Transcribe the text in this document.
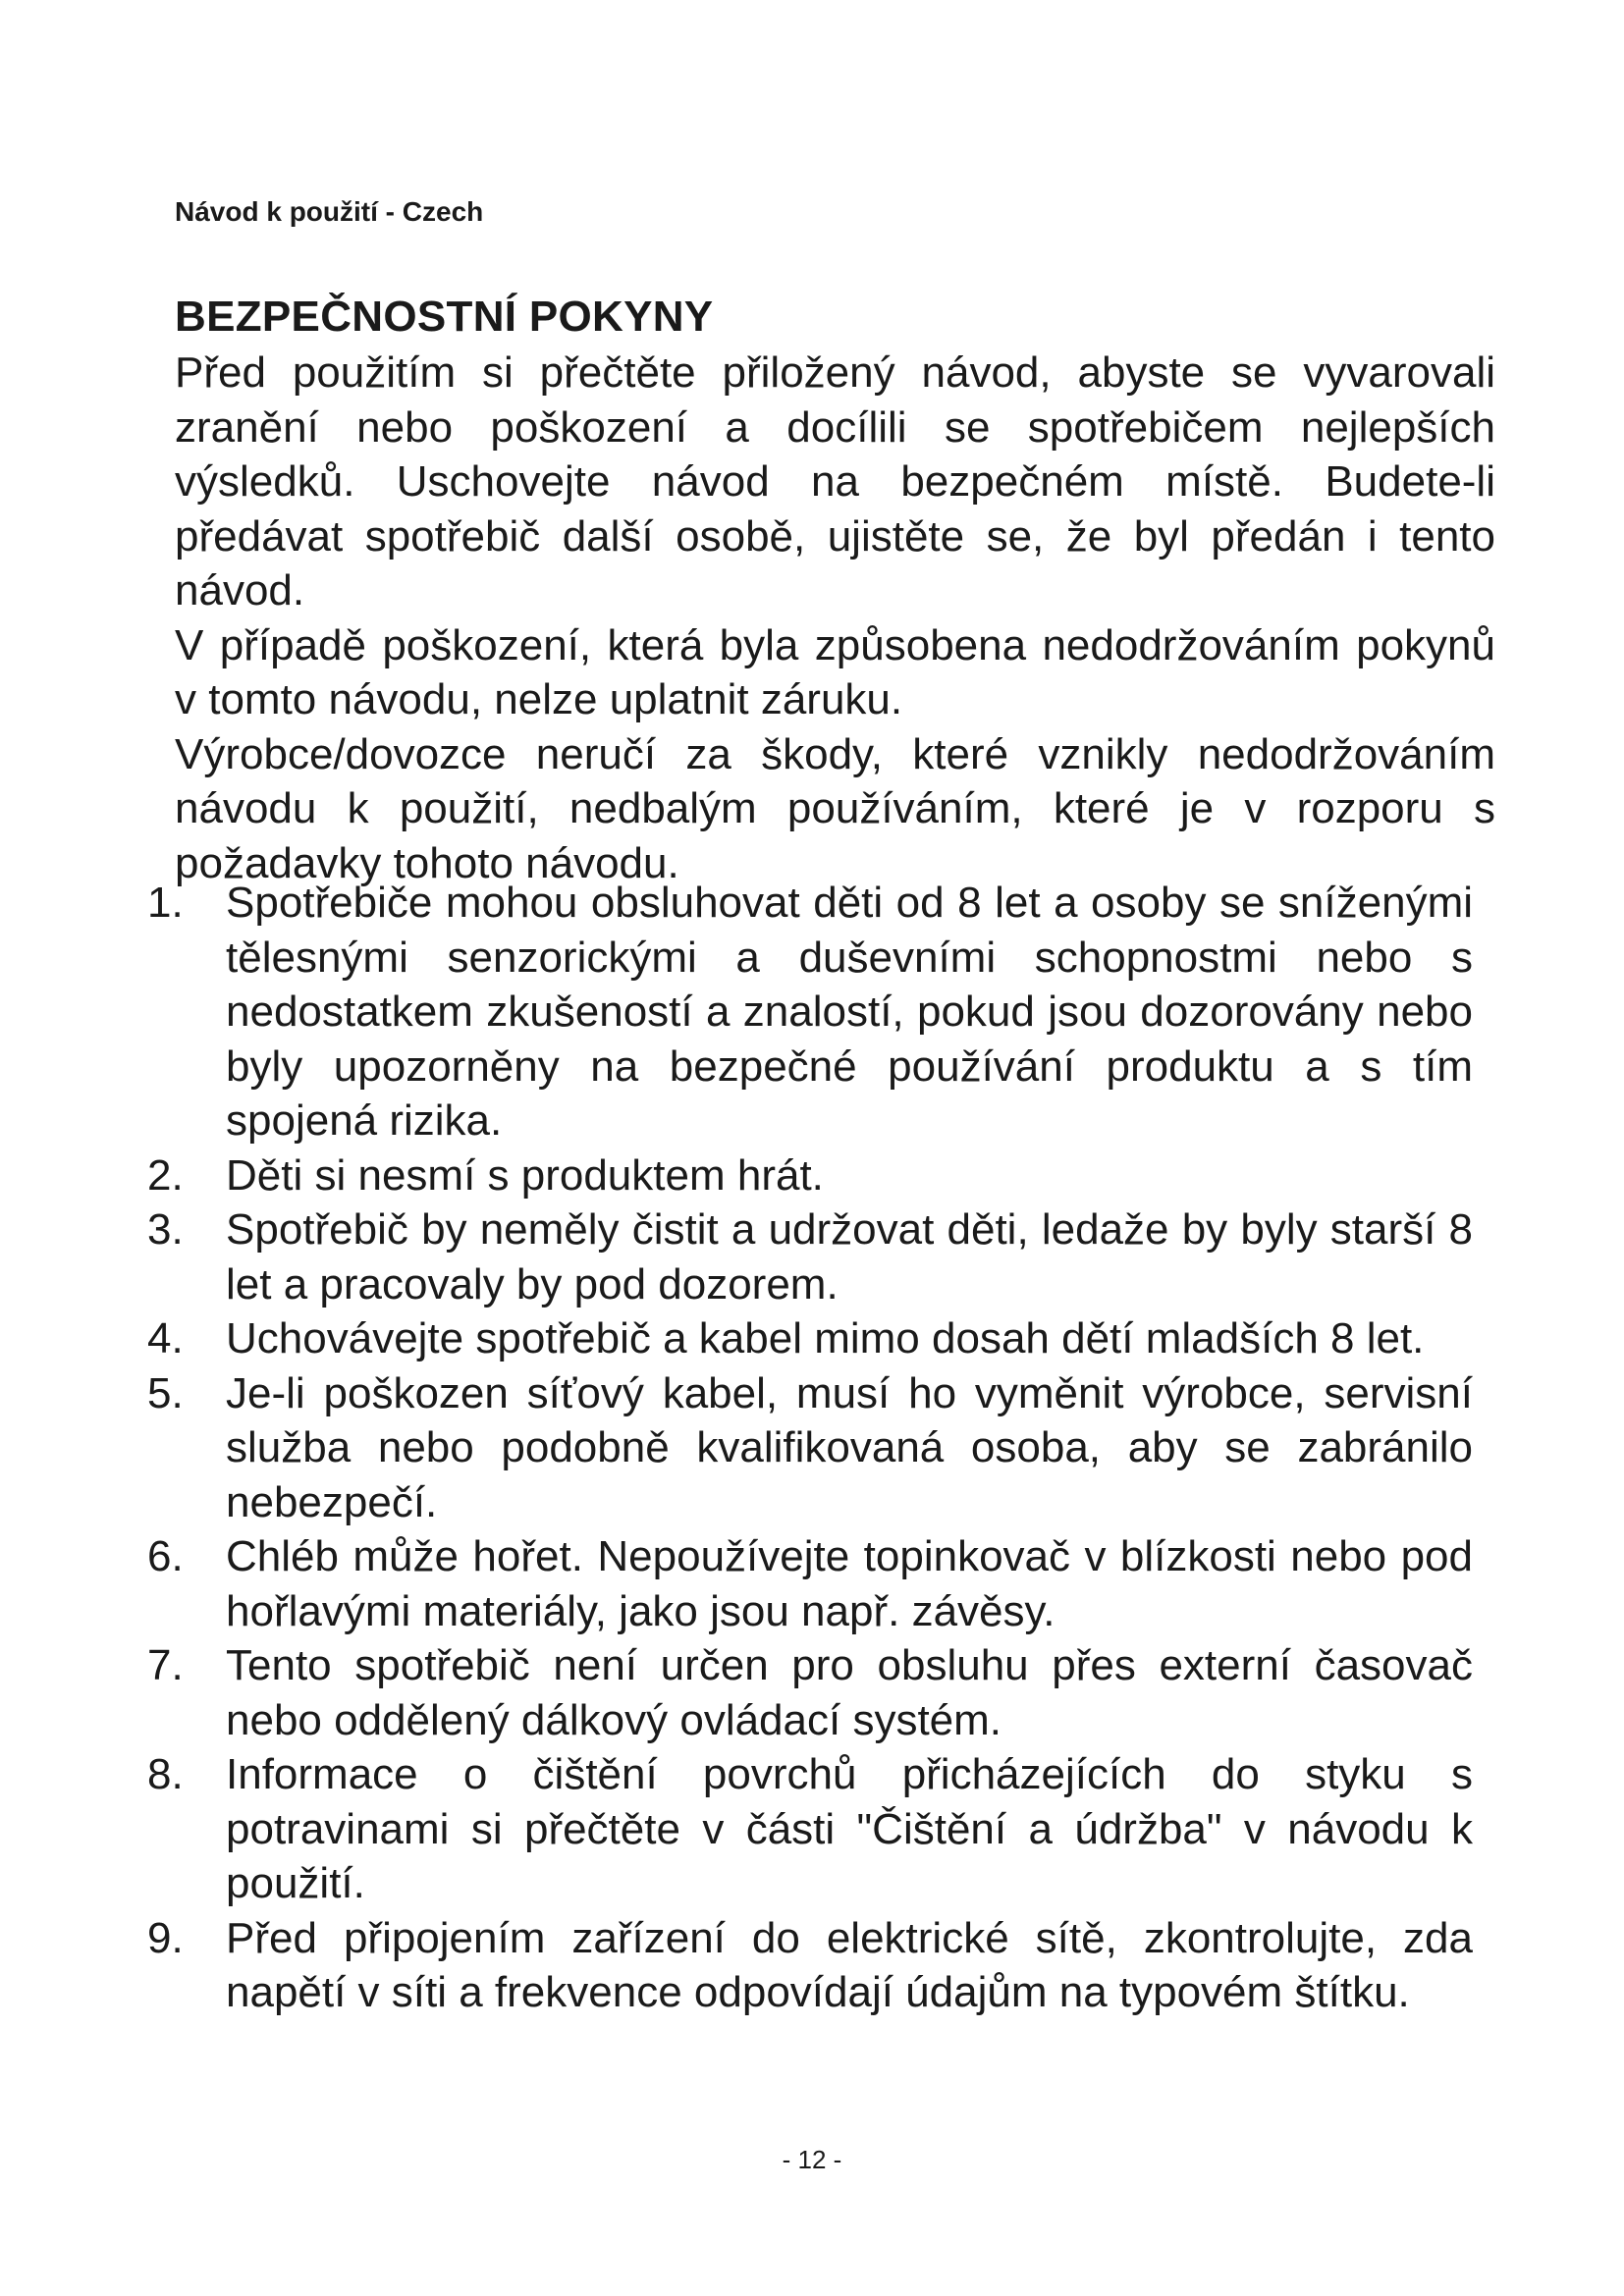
Návod k použití - Czech
BEZPEČNOSTNÍ POKYNY

Před použitím si přečtěte přiložený návod, abyste se vyvarovali zranění nebo poškození a docílili se spotřebičem nejlepších výsledků. Uschovejte návod na bezpečném místě. Budete-li předávat spotřebič další osobě, ujistěte se, že byl předán i tento návod.

V případě poškození, která byla způsobena nedodržováním pokynů v tomto návodu, nelze uplatnit záruku.

Výrobce/dovozce neručí za škody, které vznikly nedodržováním návodu k použití, nedbalým používáním, které je v rozporu s požadavky tohoto návodu.

1. Spotřebiče mohou obsluhovat děti od 8 let a osoby se sníženými tělesnými senzorickými a duševními schopnostmi nebo s nedostatkem zkušeností a znalostí, pokud jsou dozorovány nebo byly upozorněny na bezpečné používání produktu a s tím spojená rizika.
2. Děti si nesmí s produktem hrát.
3. Spotřebič by neměly čistit a udržovat děti, ledaže by byly starší 8 let a pracovaly by pod dozorem.
4. Uchovávejte spotřebič a kabel mimo dosah dětí mladších 8 let.
5. Je-li poškozen síťový kabel, musí ho vyměnit výrobce, servisní služba nebo podobně kvalifikovaná osoba, aby se zabránilo nebezpečí.
6. Chléb může hořet. Nepoužívejte topinkovač v blízkosti nebo pod hořlavými materiály, jako jsou např. závěsy.
7. Tento spotřebič není určen pro obsluhu přes externí časovač nebo oddělený dálkový ovládací systém.
8. Informace o čištění povrchů přicházejících do styku s potravinami si přečtěte v části "Čištění a údržba" v návodu k použití.
9. Před připojením zařízení do elektrické sítě, zkontrolujte, zda napětí v síti a frekvence odpovídají údajům na typovém štítku.
- 12 -
